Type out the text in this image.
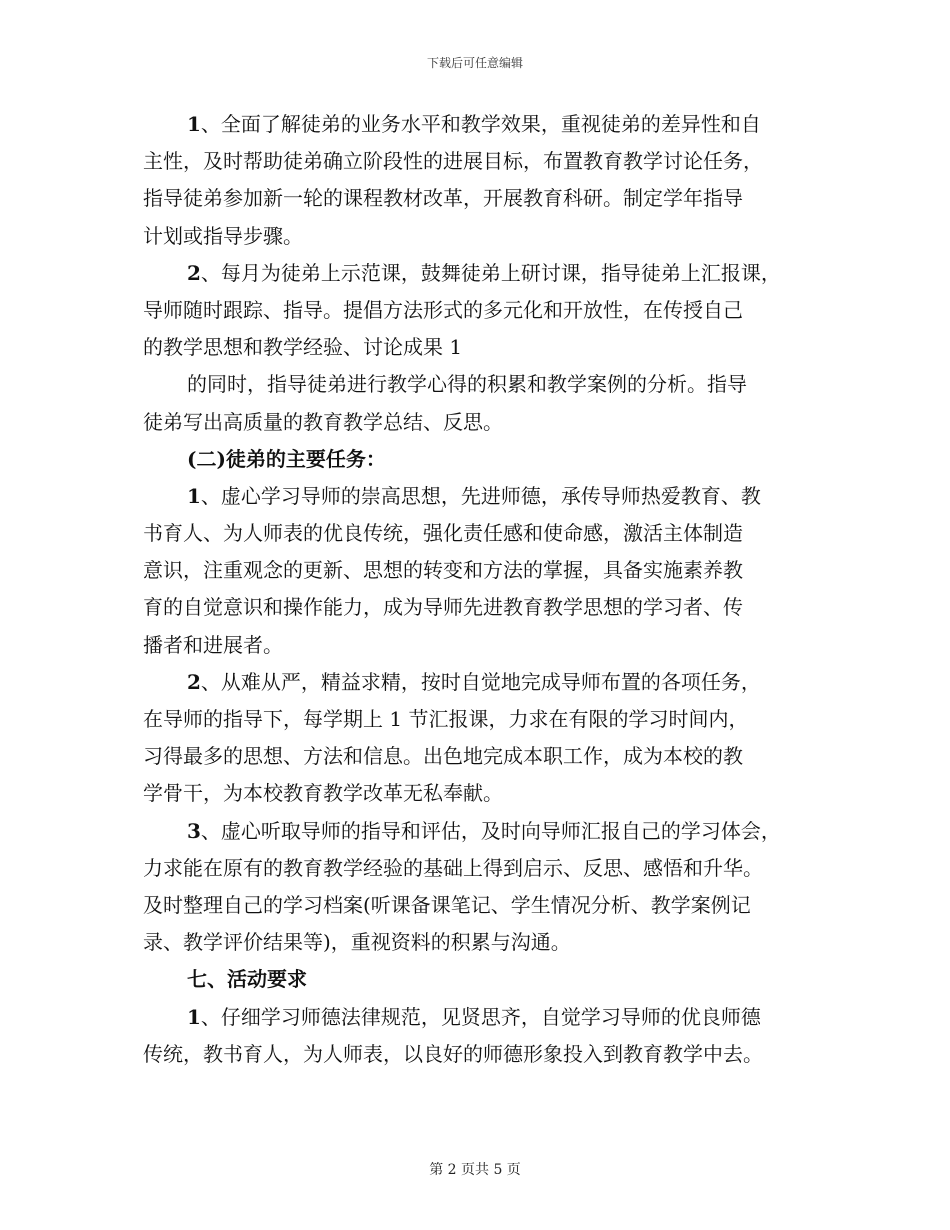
下载后可任意编辑
1、全面了解徒弟的业务水平和教学效果，重视徒弟的差异性和自
主性，及时帮助徒弟确立阶段性的进展目标，布置教育教学讨论任务，
指导徒弟参加新一轮的课程教材改革，开展教育科研。制定学年指导
计划或指导步骤。
2、每月为徒弟上示范课，鼓舞徒弟上研讨课，指导徒弟上汇报课，
导师随时跟踪、指导。提倡方法形式的多元化和开放性，在传授自己
的教学思想和教学经验、讨论成果 1
的同时，指导徒弟进行教学心得的积累和教学案例的分析。指导
徒弟写出高质量的教育教学总结、反思。
(二)徒弟的主要任务：
1、虚心学习导师的崇高思想，先进师德，承传导师热爱教育、教
书育人、为人师表的优良传统，强化责任感和使命感，激活主体制造
意识，注重观念的更新、思想的转变和方法的掌握，具备实施素养教
育的自觉意识和操作能力，成为导师先进教育教学思想的学习者、传
播者和进展者。
2、从难从严，精益求精，按时自觉地完成导师布置的各项任务，
在导师的指导下，每学期上 1 节汇报课，力求在有限的学习时间内，
习得最多的思想、方法和信息。出色地完成本职工作，成为本校的教
学骨干，为本校教育教学改革无私奉献。
3、虚心听取导师的指导和评估，及时向导师汇报自己的学习体会，
力求能在原有的教育教学经验的基础上得到启示、反思、感悟和升华。
及时整理自己的学习档案(听课备课笔记、学生情况分析、教学案例记
录、教学评价结果等)，重视资料的积累与沟通。
七、活动要求
1、仔细学习师德法律规范，见贤思齐，自觉学习导师的优良师德
传统，教书育人，为人师表，以良好的师德形象投入到教育教学中去。
第 2 页共 5 页
